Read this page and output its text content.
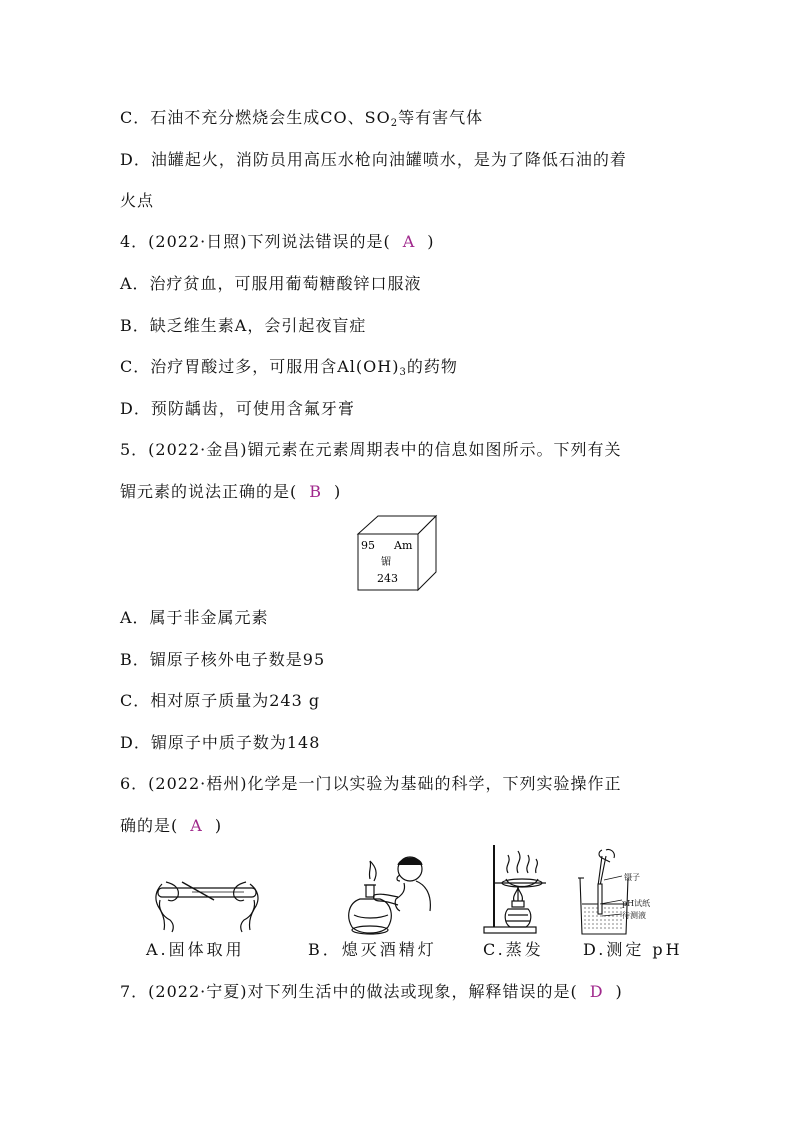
C．石油不充分燃烧会生成CO、$SO_2$等有害气体
D．油罐起火，消防员用高压水枪向油罐喷水，是为了降低石油的着
火点
4．(2022·日照)下列说法错误的是( A )
A．治疗贫血，可服用葡萄糖酸锌口服液
B．缺乏维生素A，会引起夜盲症
C．治疗胃酸过多，可服用含$Al(OH)_3$的药物
D．预防龋齿，可使用含氟牙膏
5．(2022·金昌)镅元素在元素周期表中的信息如图所示。下列有关
镅元素的说法正确的是( B )
95 Am
镅
243
A．属于非金属元素
B．镅原子核外电子数是95
C．相对原子质量为243 g
D．镅原子中质子数为148
6．(2022·梧州)化学是一门以实验为基础的科学，下列实验操作正
确的是( A )
镊子
pH试纸
待测液
A.固体取用	B．熄灭酒精灯	C.蒸发 D.测定 pH
7．(2022·宁夏)对下列生活中的做法或现象，解释错误的是( D )
